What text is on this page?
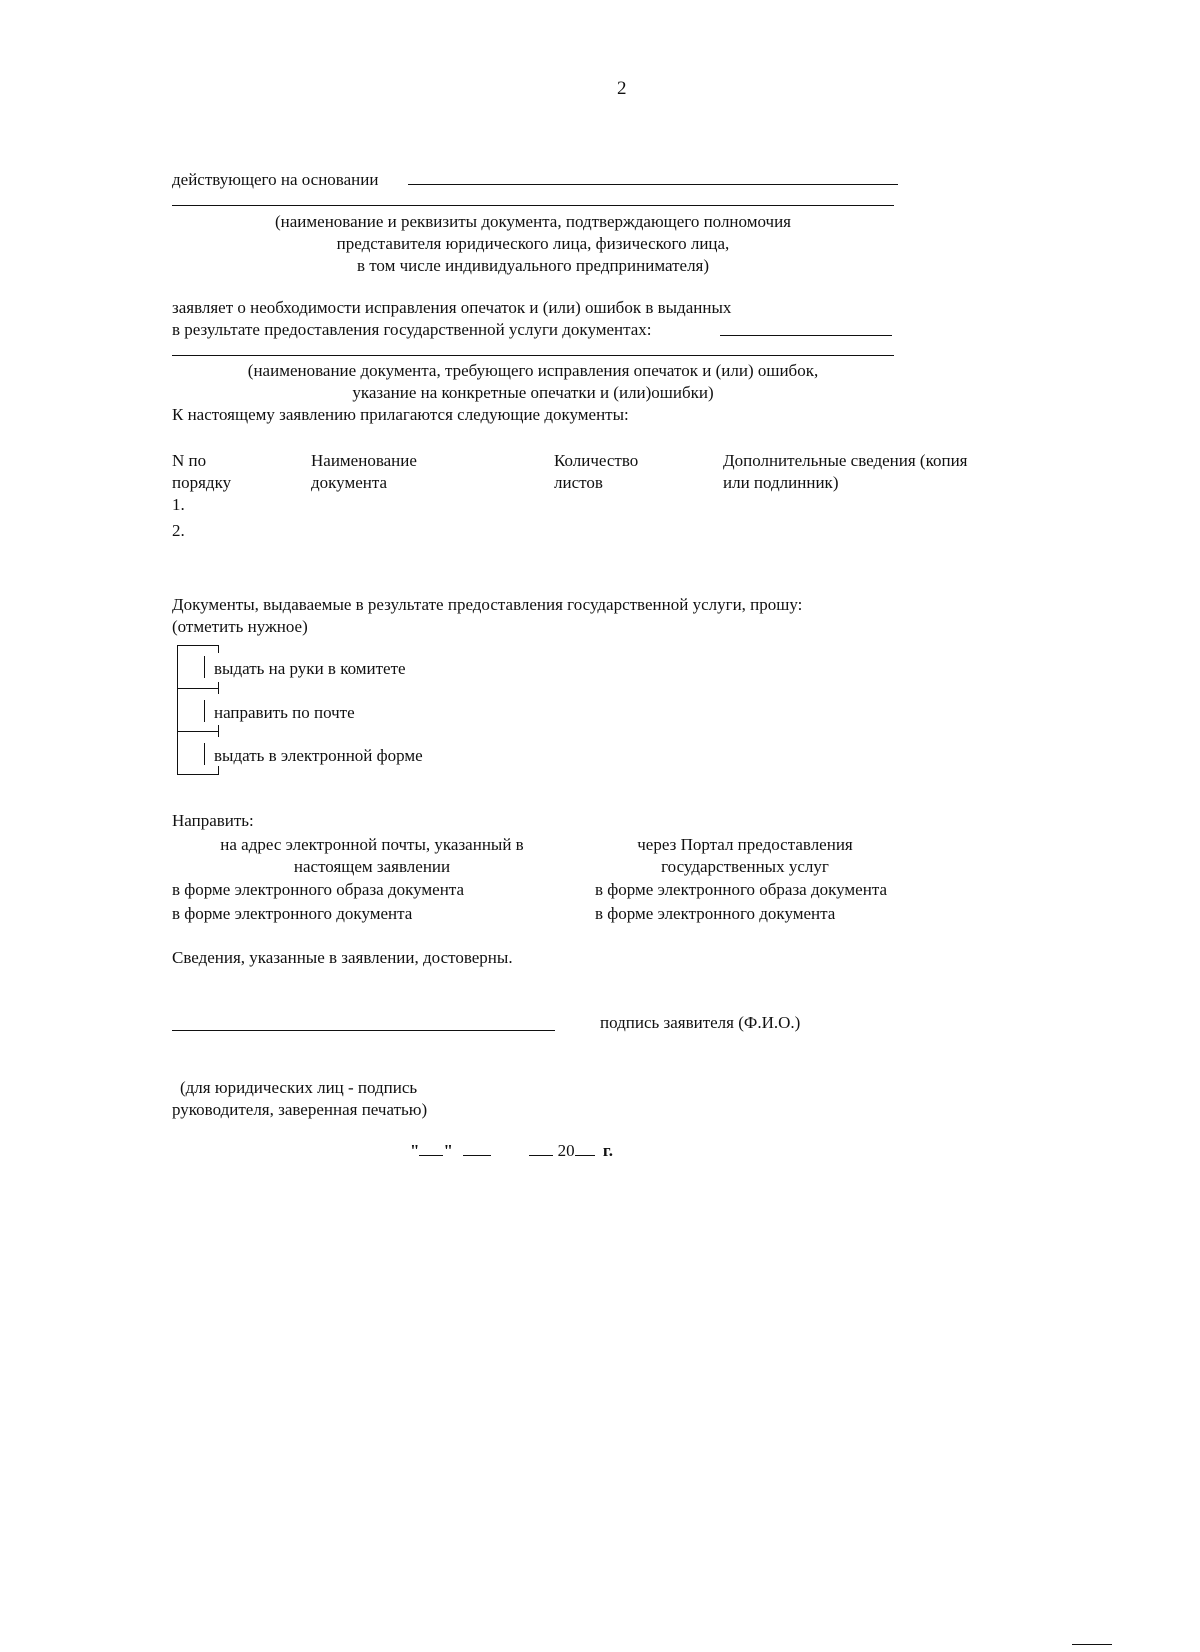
2
действующего на основании
(наименование и реквизиты документа, подтверждающего полномочия
представителя юридического лица, физического лица,
в том числе индивидуального предпринимателя)
заявляет о необходимости исправления опечаток и (или) ошибок в выданных
в результате предоставления государственной услуги документах:
(наименование документа, требующего исправления опечаток и (или) ошибок,
указание на конкретные опечатки и (или)ошибки)
К настоящему заявлению прилагаются следующие документы:
N по
порядку
Наименование
документа
Количество
листов
Дополнительные сведения (копия
или подлинник)
1.
2.
Документы, выдаваемые в результате предоставления государственной услуги, прошу:
(отметить нужное)
выдать на руки в комитете
направить по почте
выдать в электронной форме
Направить:
на адрес электронной почты, указанный в
настоящем заявлении
через Портал предоставления
государственных услуг
в форме электронного образа документа
в форме электронного документа
в форме электронного образа документа
в форме электронного документа
Сведения, указанные в заявлении, достоверны.
подпись заявителя (Ф.И.О.)
(для юридических лиц - подпись
руководителя, заверенная печатью)
" "	20 г.
